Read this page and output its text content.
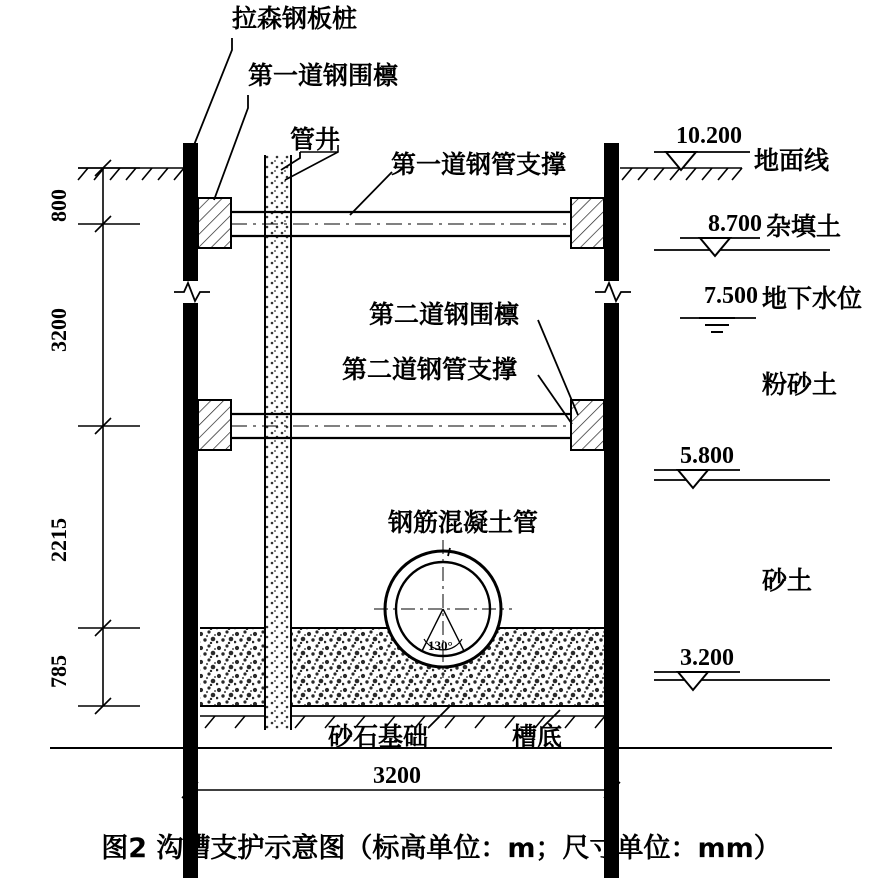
拉森钢板桩
第一道钢围檩
管井
第一道钢管支撑
第二道钢围檩
第二道钢管支撑
钢筋混凝土管
砂石基础	槽底
130°
10.200
地面线
8.700 杂填土
7.500 地下水位
粉砂土
5.800
砂土
3.200
800
3200
2215
785
3200
图2 沟槽支护示意图（标高单位：m；尺寸单位：mm）
